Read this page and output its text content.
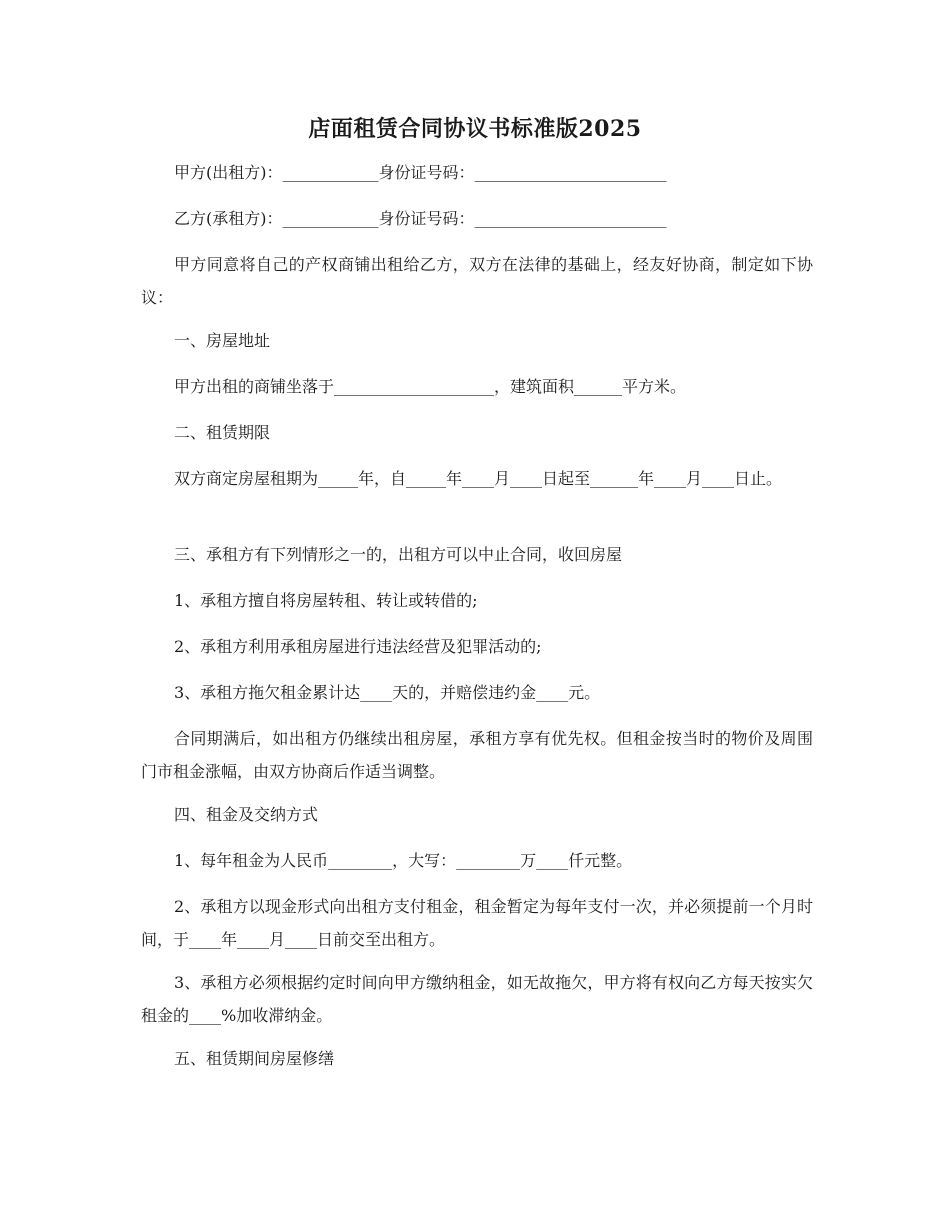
店面租赁合同协议书标准版2025

甲方(出租方)：____________身份证号码：________________________

乙方(承租方)：____________身份证号码：________________________

甲方同意将自己的产权商铺出租给乙方，双方在法律的基础上，经友好协商，制定如下协议：

一、房屋地址

甲方出租的商铺坐落于____________________，建筑面积______平方米。

二、租赁期限

双方商定房屋租期为_____年，自_____年____月____日起至______年____月____日止。

三、承租方有下列情形之一的，出租方可以中止合同，收回房屋

1、承租方擅自将房屋转租、转让或转借的;

2、承租方利用承租房屋进行违法经营及犯罪活动的;

3、承租方拖欠租金累计达____天的，并赔偿违约金____元。

合同期满后，如出租方仍继续出租房屋，承租方享有优先权。但租金按当时的物价及周围门市租金涨幅，由双方协商后作适当调整。

四、租金及交纳方式

1、每年租金为人民币________，大写：________万____仟元整。

2、承租方以现金形式向出租方支付租金，租金暂定为每年支付一次，并必须提前一个月时间，于____年____月____日前交至出租方。

3、承租方必须根据约定时间向甲方缴纳租金，如无故拖欠，甲方将有权向乙方每天按实欠租金的____%加收滞纳金。

五、租赁期间房屋修缮
